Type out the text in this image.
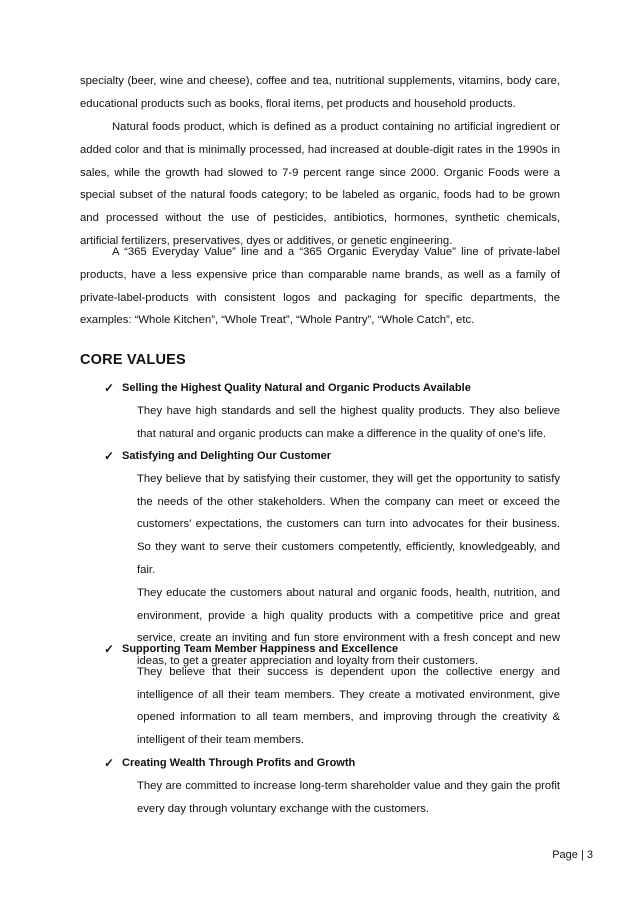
specialty (beer, wine and cheese), coffee and tea, nutritional supplements, vitamins, body care, educational products such as books, floral items, pet products and household products.
Natural foods product, which is defined as a product containing no artificial ingredient or added color and that is minimally processed, had increased at double-digit rates in the 1990s in sales, while the growth had slowed to 7-9 percent range since 2000. Organic Foods were a special subset of the natural foods category; to be labeled as organic, foods had to be grown and processed without the use of pesticides, antibiotics, hormones, synthetic chemicals, artificial fertilizers, preservatives, dyes or additives, or genetic engineering.
A “365 Everyday Value” line and a “365 Organic Everyday Value” line of private-label products, have a less expensive price than comparable name brands, as well as a family of private-label-products with consistent logos and packaging for specific departments, the examples: “Whole Kitchen”, “Whole Treat”, “Whole Pantry”, “Whole Catch”, etc.
CORE VALUES
✓ Selling the Highest Quality Natural and Organic Products Available

They have high standards and sell the highest quality products. They also believe that natural and organic products can make a difference in the quality of one’s life.

✓ Satisfying and Delighting Our Customer

They believe that by satisfying their customer, they will get the opportunity to satisfy the needs of the other stakeholders. When the company can meet or exceed the customers’ expectations, the customers can turn into advocates for their business. So they want to serve their customers competently, efficiently, knowledgeably, and fair.

They educate the customers about natural and organic foods, health, nutrition, and environment, provide a high quality products with a competitive price and great service, create an inviting and fun store environment with a fresh concept and new ideas, to get a greater appreciation and loyalty from their customers.

✓ Supporting Team Member Happiness and Excellence

They believe that their success is dependent upon the collective energy and intelligence of all their team members. They create a motivated environment, give opened information to all team members, and improving through the creativity & intelligent of their team members.

✓ Creating Wealth Through Profits and Growth

They are committed to increase long-term shareholder value and they gain the profit every day through voluntary exchange with the customers.

Page | 3
